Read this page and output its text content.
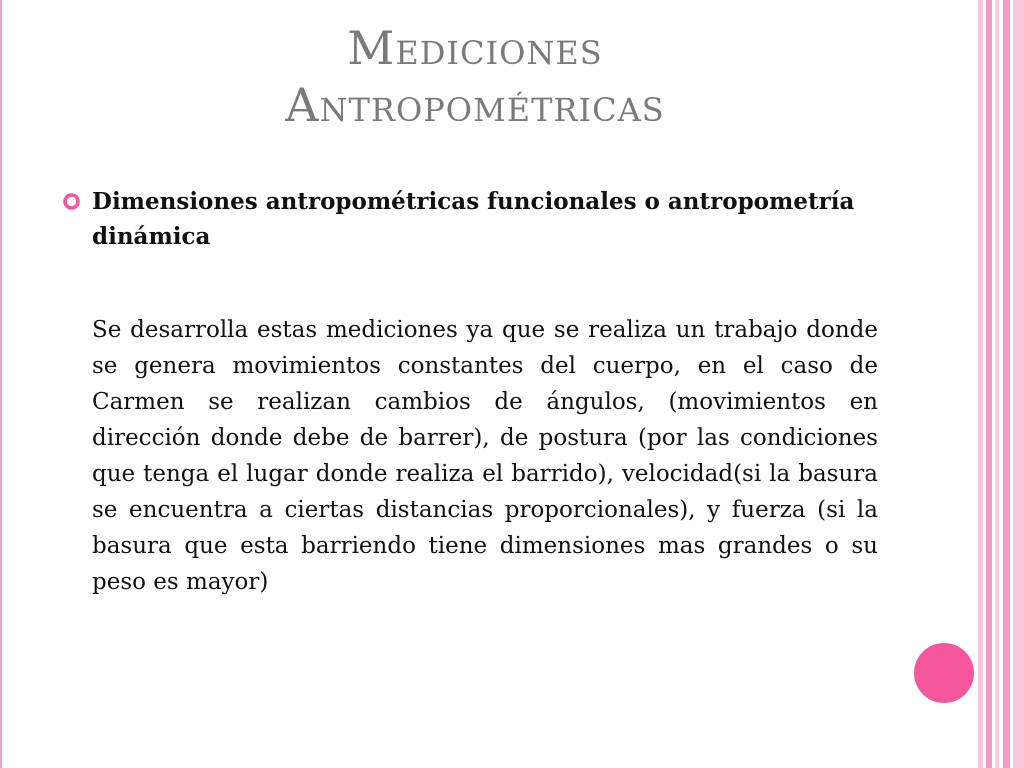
Mediciones
Antropométricas
Dimensiones antropométricas funcionales o antropometría dinámica
Se desarrolla estas mediciones ya que se realiza un trabajo donde se genera movimientos constantes del cuerpo, en el caso de Carmen se realizan cambios de ángulos, (movimientos en dirección donde debe de barrer), de postura (por las condiciones que tenga el lugar donde realiza el barrido), velocidad(si la basura se encuentra a ciertas distancias proporcionales), y fuerza (si la basura que esta barriendo tiene dimensiones mas grandes o su peso es mayor)
